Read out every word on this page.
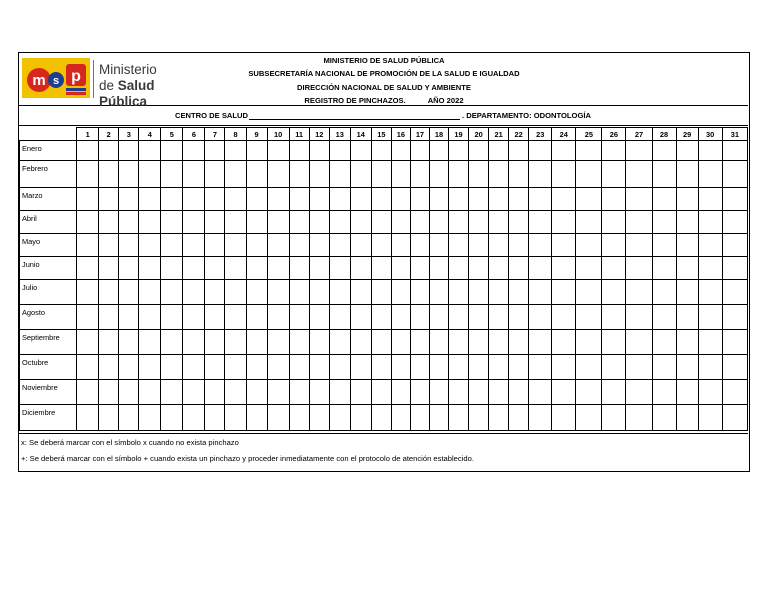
m s p Ministerio
de Salud Pública
MINISTERIO DE SALUD PÚBLICA
SUBSECRETARÍA NACIONAL DE PROMOCIÓN DE LA SALUD E IGUALDAD
DIRECCIÓN NACIONAL DE SALUD Y AMBIENTE
REGISTRO DE PINCHAZOS.	AÑO 2022
CENTRO DE SALUD	. DEPARTAMENTO: ODONTOLOGÍA
	1	2	3	4	5	6	7	8	9	10	11	12	13	14	15	16	17	18	19	20	21	22	23	24	25	26	27	28	29	30	31
Enero																															
Febrero																															
Marzo																															
Abril																															
Mayo																															
Junio																															
Julio																															
Agosto																															
Septiembre																															
Octubre																															
Noviembre																															
Diciembre																															
x: Se deberá marcar con el símbolo x cuando no exista pinchazo
+: Se deberá marcar con el símbolo + cuando exista un pinchazo y proceder inmediatamente con el protocolo de atención establecido.
